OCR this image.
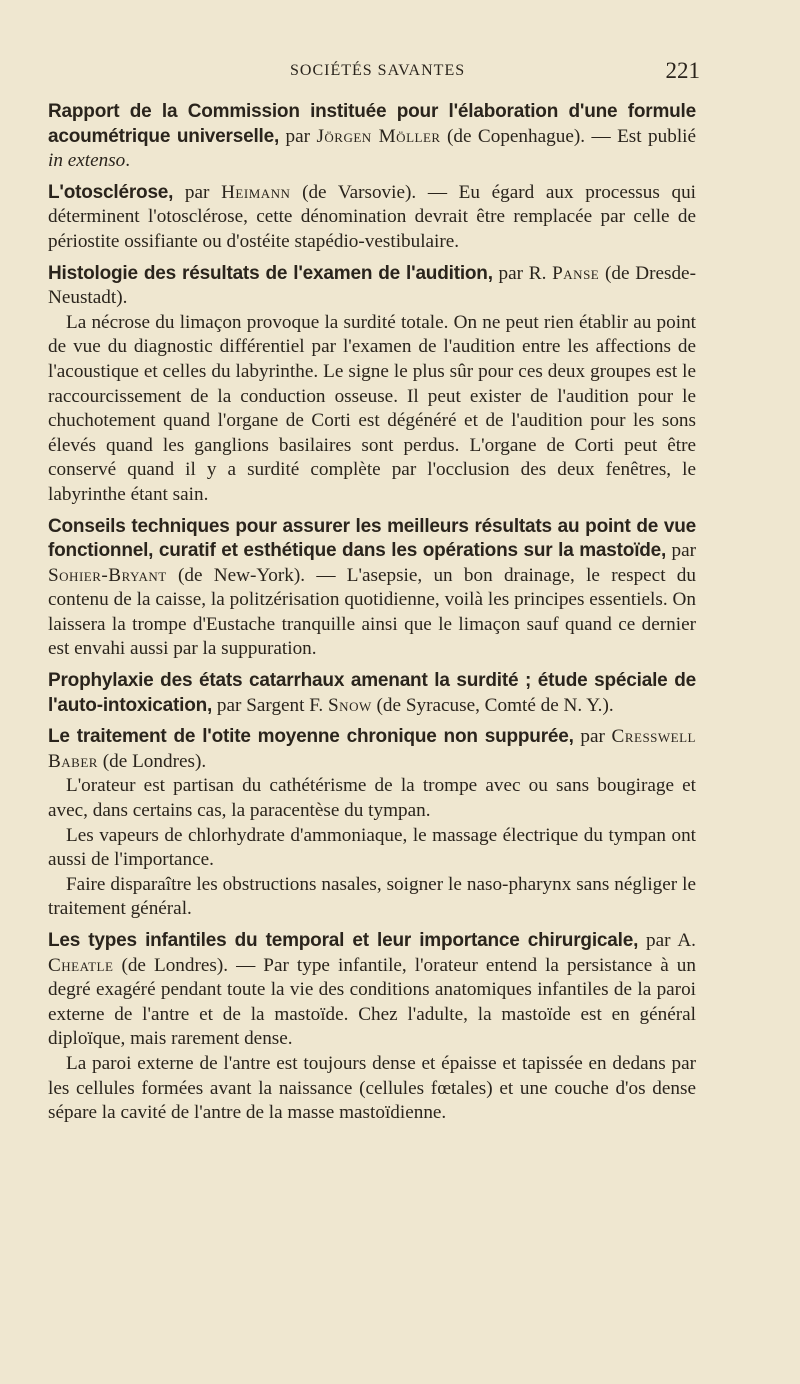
SOCIÉTÉS SAVANTES	221

Rapport de la Commission instituée pour l'élaboration d'une formule acoumétrique universelle, par Jörgen Möller (de Copenhague). — Est publié in extenso.

L'otosclérose, par Heimann (de Varsovie). — Eu égard aux processus qui déterminent l'otosclérose, cette dénomination devrait être remplacée par celle de périostite ossifiante ou d'ostéite stapédio-vestibulaire.

Histologie des résultats de l'examen de l'audition, par R. Panse (de Dresde-Neustadt).

La nécrose du limaçon provoque la surdité totale. On ne peut rien établir au point de vue du diagnostic différentiel par l'examen de l'audition entre les affections de l'acoustique et celles du labyrinthe. Le signe le plus sûr pour ces deux groupes est le raccourcissement de la conduction osseuse. Il peut exister de l'audition pour le chuchotement quand l'organe de Corti est dégénéré et de l'audition pour les sons élevés quand les ganglions basilaires sont perdus. L'organe de Corti peut être conservé quand il y a surdité complète par l'occlusion des deux fenêtres, le labyrinthe étant sain.

Conseils techniques pour assurer les meilleurs résultats au point de vue fonctionnel, curatif et esthétique dans les opérations sur la mastoïde, par Sohier-Bryant (de New-York). — L'asepsie, un bon drainage, le respect du contenu de la caisse, la politzérisation quotidienne, voilà les principes essentiels. On laissera la trompe d'Eustache tranquille ainsi que le limaçon sauf quand ce dernier est envahi aussi par la suppuration.

Prophylaxie des états catarrhaux amenant la surdité ; étude spéciale de l'auto-intoxication, par Sargent F. Snow (de Syracuse, Comté de N. Y.).

Le traitement de l'otite moyenne chronique non suppurée, par Cresswell Baber (de Londres).

L'orateur est partisan du cathétérisme de la trompe avec ou sans bougirage et avec, dans certains cas, la paracentèse du tympan.

Les vapeurs de chlorhydrate d'ammoniaque, le massage électrique du tympan ont aussi de l'importance.

Faire disparaître les obstructions nasales, soigner le naso-pharynx sans négliger le traitement général.

Les types infantiles du temporal et leur importance chirurgicale, par A. Cheatle (de Londres). — Par type infantile, l'orateur entend la persistance à un degré exagéré pendant toute la vie des conditions anatomiques infantiles de la paroi externe de l'antre et de la mastoïde. Chez l'adulte, la mastoïde est en général diploïque, mais rarement dense.

La paroi externe de l'antre est toujours dense et épaisse et tapissée en dedans par les cellules formées avant la naissance (cellules fœtales) et une couche d'os dense sépare la cavité de l'antre de la masse mastoïdienne.
